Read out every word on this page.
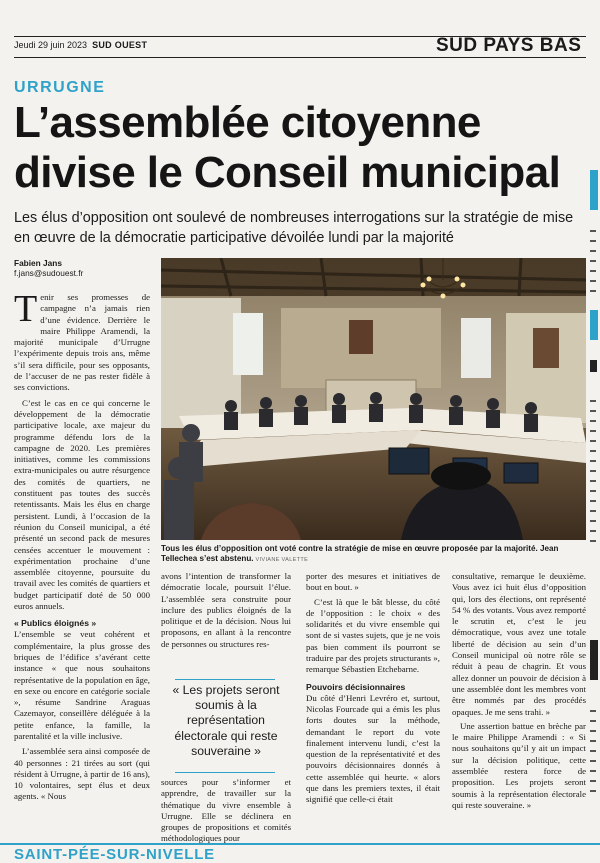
Jeudi 29 juin 2023 SUD OUEST	SUD PAYS BAS
URRUGNE
L’assemblée citoyenne
divise le Conseil municipal
Les élus d’opposition ont soulevé de nombreuses interrogations sur la stratégie de mise en œuvre de la démocratie participative dévoilée lundi par la majorité
Fabien Jans
f.jans@sudouest.fr

Tenir ses promesses de campagne n’a jamais rien d’une évidence. Derrière le maire Philippe Aramendi, la majorité municipale d’Urrugne l’expérimente depuis trois ans, même s’il sera difficile, pour ses opposants, de l’accuser de ne pas rester fidèle à ses convictions.

C’est le cas en ce qui concerne le développement de la démocratie participative locale, axe majeur du programme défendu lors de la campagne de 2020. Les premières initiatives, comme les commissions extra-municipales ou autre résurgence des comités de quartiers, ne constituent pas toutes des succès retentissants. Mais les élus en charge persistent. Lundi, à l’occasion de la réunion du Conseil municipal, a été présenté un second pack de mesures censées accentuer le mouvement : expérimentation prochaine d’une assemblée citoyenne, poursuite du travail avec les comités de quartiers et budget participatif doté de 50 000 euros annuels.

« Publics éloignés »

L’ensemble se veut cohérent et complémentaire, la plus grosse des briques de l’édifice s’avérant cette instance « que nous souhaitons représentative de la population en âge, en sexe ou encore en catégorie sociale », résume Sandrine Araguas Cazemayor, conseillère déléguée à la petite enfance, la famille, la parentalité et la ville inclusive.

L’assemblée sera ainsi composée de 40 personnes : 21 tirées au sort (qui résident à Urrugne, à partir de 16 ans), 10 volontaires, sept élus et deux agents. « Nous

Tous les élus d’opposition ont voté contre la stratégie de mise en œuvre proposée par la majorité. Jean Tellechea s’est abstenu. VIVIANE VALETTE

avons l’intention de transformer la démocratie locale, poursuit l’élue. L’assemblée sera construite pour inclure des publics éloignés de la politique et de la décision. Nous lui proposons, en allant à la rencontre de personnes ou structures res-

« Les projets seront soumis à la représentation électorale qui reste souveraine »

sources pour s’informer et apprendre, de travailler sur la thématique du vivre ensemble à Urrugne. Elle se déclinera en groupes de propositions et comités méthodologiques pour

porter des mesures et initiatives de bout en bout. »

C’est là que le bât blesse, du côté de l’opposition : le choix « des solidarités et du vivre ensemble qui sont de si vastes sujets, que je ne vois pas bien comment ils pourront se traduire par des projets structurants », remarque Sébastien Etchebarne.

Pouvoirs décisionnaires

Du côté d’Henri Levréro et, surtout, Nicolas Fourcade qui a émis les plus forts doutes sur la méthode, demandant le report du vote finalement intervenu lundi, c’est la question de la représentativité et des pouvoirs décisionnaires donnés à cette assemblée qui heurte. « alors que dans les premiers textes, il était signifié que celle-ci était

consultative, remarque le deuxième. Vous avez ici huit élus d’opposition qui, lors des élections, ont représenté 54 % des votants. Vous avez remporté le scrutin et, c’est le jeu démocratique, vous avez une totale liberté de décision au sein d’un Conseil municipal où notre rôle se réduit à peau de chagrin. Et vous allez donner un pouvoir de décision à une assemblée dont les membres vont être nommés par des procédés opaques. Je me sens trahi. »

Une assertion battue en brèche par le maire Philippe Aramendi : « Si nous souhaitons qu’il y ait un impact sur la décision politique, cette assemblée restera force de proposition. Les projets seront soumis à la représentation électorale qui reste souveraine. »

SAINT-PÉE-SUR-NIVELLE
